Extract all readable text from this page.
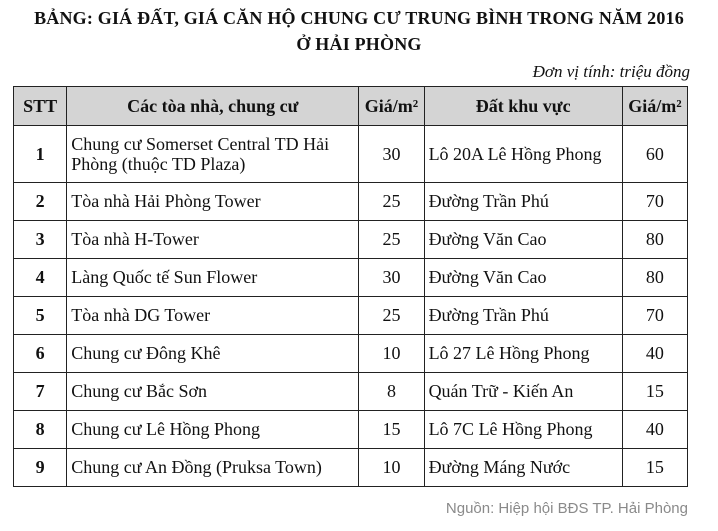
BẢNG: GIÁ ĐẤT, GIÁ CĂN HỘ CHUNG CƯ TRUNG BÌNH TRONG NĂM 2016
Ở HẢI PHÒNG
Đơn vị tính: triệu đồng
STT	Các tòa nhà, chung cư	Giá/m²	Đất khu vực	Giá/m²
1	Chung cư Somerset Central TD Hải Phòng (thuộc TD Plaza)	30	Lô 20A Lê Hồng Phong	60
2	Tòa nhà Hải Phòng Tower	25	Đường Trần Phú	70
3	Tòa nhà H-Tower	25	Đường Văn Cao	80
4	Làng Quốc tế Sun Flower	30	Đường Văn Cao	80
5	Tòa nhà DG Tower	25	Đường Trần Phú	70
6	Chung cư Đông Khê	10	Lô 27 Lê Hồng Phong	40
7	Chung cư Bắc Sơn	8	Quán Trữ - Kiến An	15
8	Chung cư Lê Hồng Phong	15	Lô 7C Lê Hồng Phong	40
9	Chung cư An Đồng (Pruksa Town)	10	Đường Máng Nước	15
Nguồn: Hiệp hội BĐS TP. Hải Phòng
